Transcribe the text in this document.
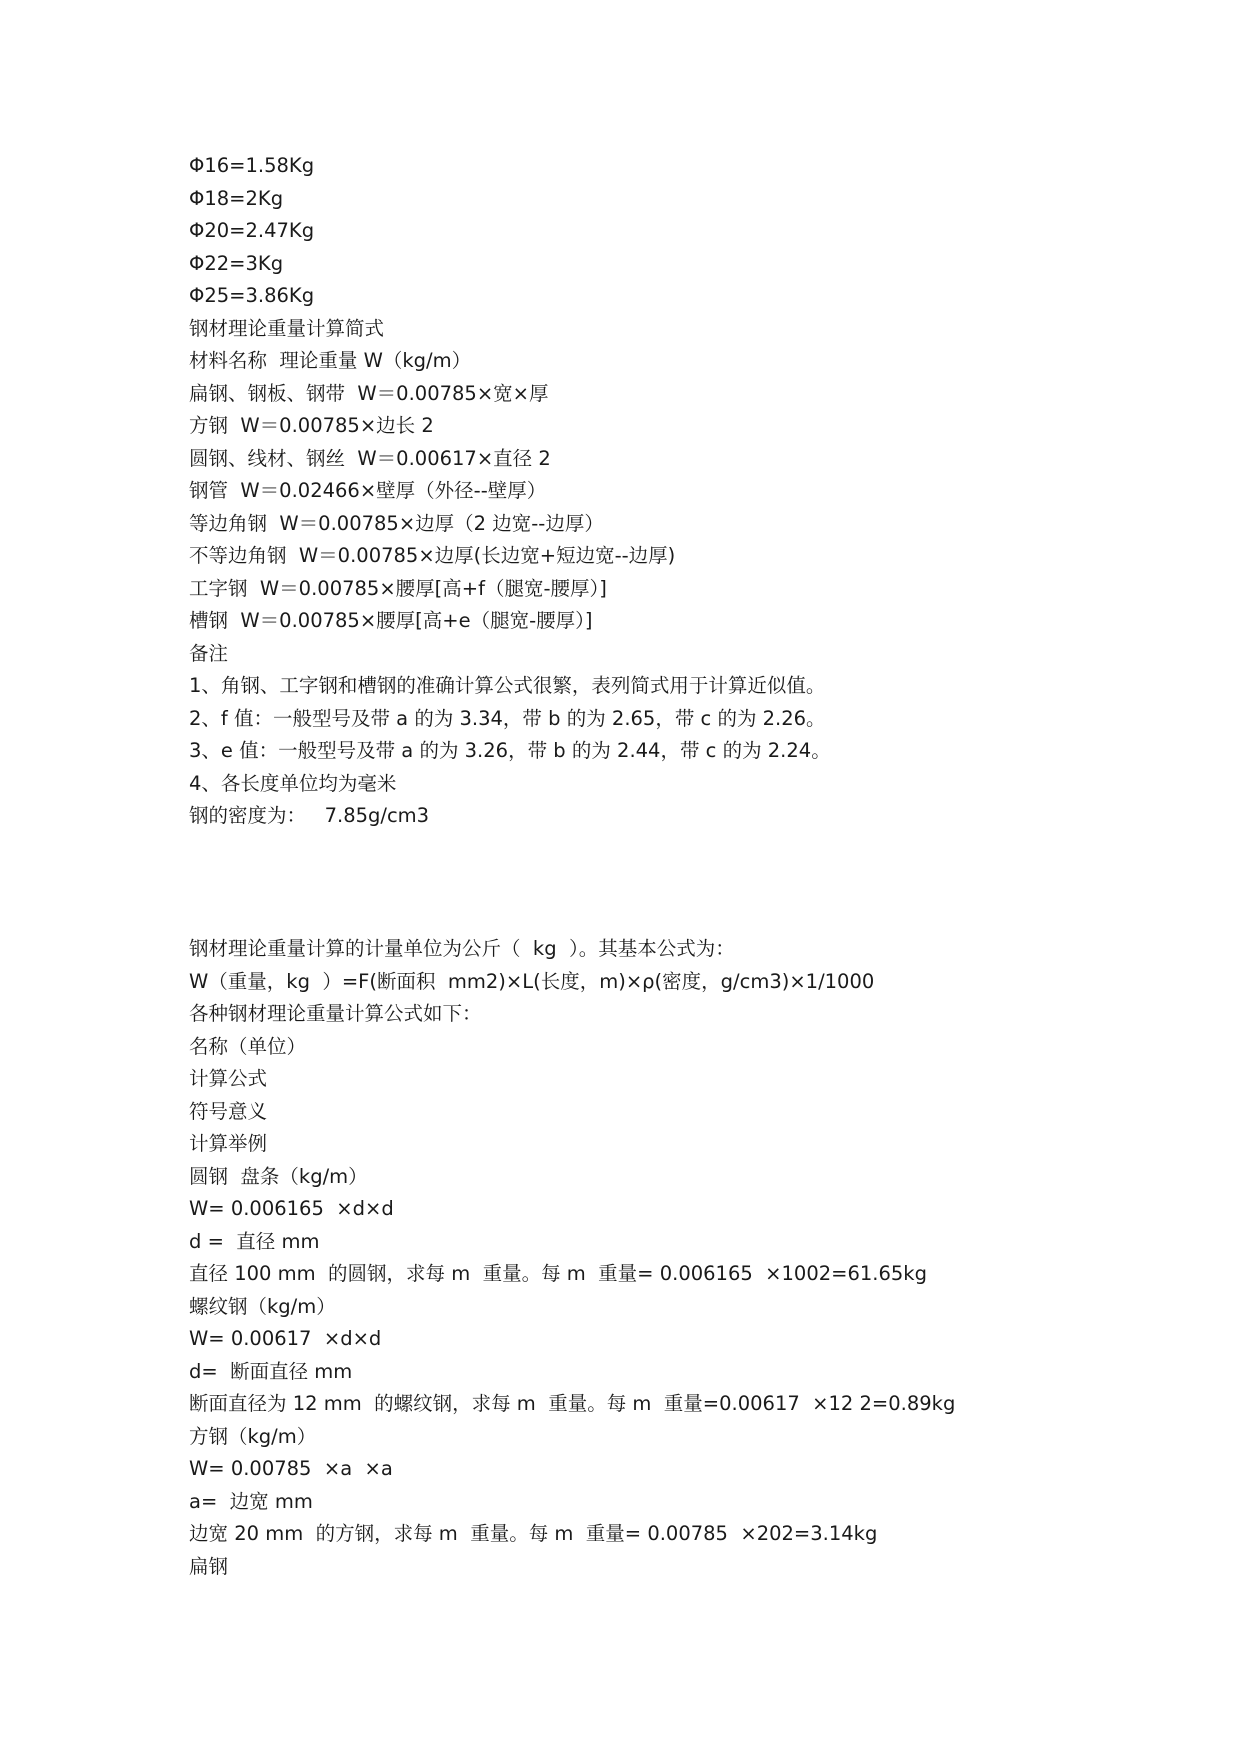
Φ16=1.58Kg
Φ18=2Kg
Φ20=2.47Kg
Φ22=3Kg
Φ25=3.86Kg
钢材理论重量计算简式
材料名称  理论重量 W（kg/m）
扁钢、钢板、钢带  W＝0.00785×宽×厚
方钢  W＝0.00785×边长 2
圆钢、线材、钢丝  W＝0.00617×直径 2
钢管  W＝0.02466×壁厚（外径--壁厚）
等边角钢  W＝0.00785×边厚（2 边宽--边厚）
不等边角钢  W＝0.00785×边厚(长边宽+短边宽--边厚)
工字钢  W＝0.00785×腰厚[高+f（腿宽-腰厚）]
槽钢  W＝0.00785×腰厚[高+e（腿宽-腰厚）]
备注
1、角钢、工字钢和槽钢的准确计算公式很繁，表列简式用于计算近似值。
2、f 值：一般型号及带 a 的为 3.34，带 b 的为 2.65，带 c 的为 2.26。
3、e 值：一般型号及带 a 的为 3.26，带 b 的为 2.44，带 c 的为 2.24。
4、各长度单位均为毫米
钢的密度为：   7.85g/cm3
钢材理论重量计算的计量单位为公斤（  kg  ）。其基本公式为：
W（重量，kg  ）=F(断面积  mm2)×L(长度，m)×ρ(密度，g/cm3)×1/1000
各种钢材理论重量计算公式如下：
名称（单位）
计算公式
符号意义
计算举例
圆钢  盘条（kg/m）
W= 0.006165  ×d×d
d =  直径 mm
直径 100 mm  的圆钢，求每 m  重量。每 m  重量= 0.006165  ×1002=61.65kg
螺纹钢（kg/m）
W= 0.00617  ×d×d
d=  断面直径 mm
断面直径为 12 mm  的螺纹钢，求每 m  重量。每 m  重量=0.00617  ×12 2=0.89kg
方钢（kg/m）
W= 0.00785  ×a  ×a
a=  边宽 mm
边宽 20 mm  的方钢，求每 m  重量。每 m  重量= 0.00785  ×202=3.14kg
扁钢
